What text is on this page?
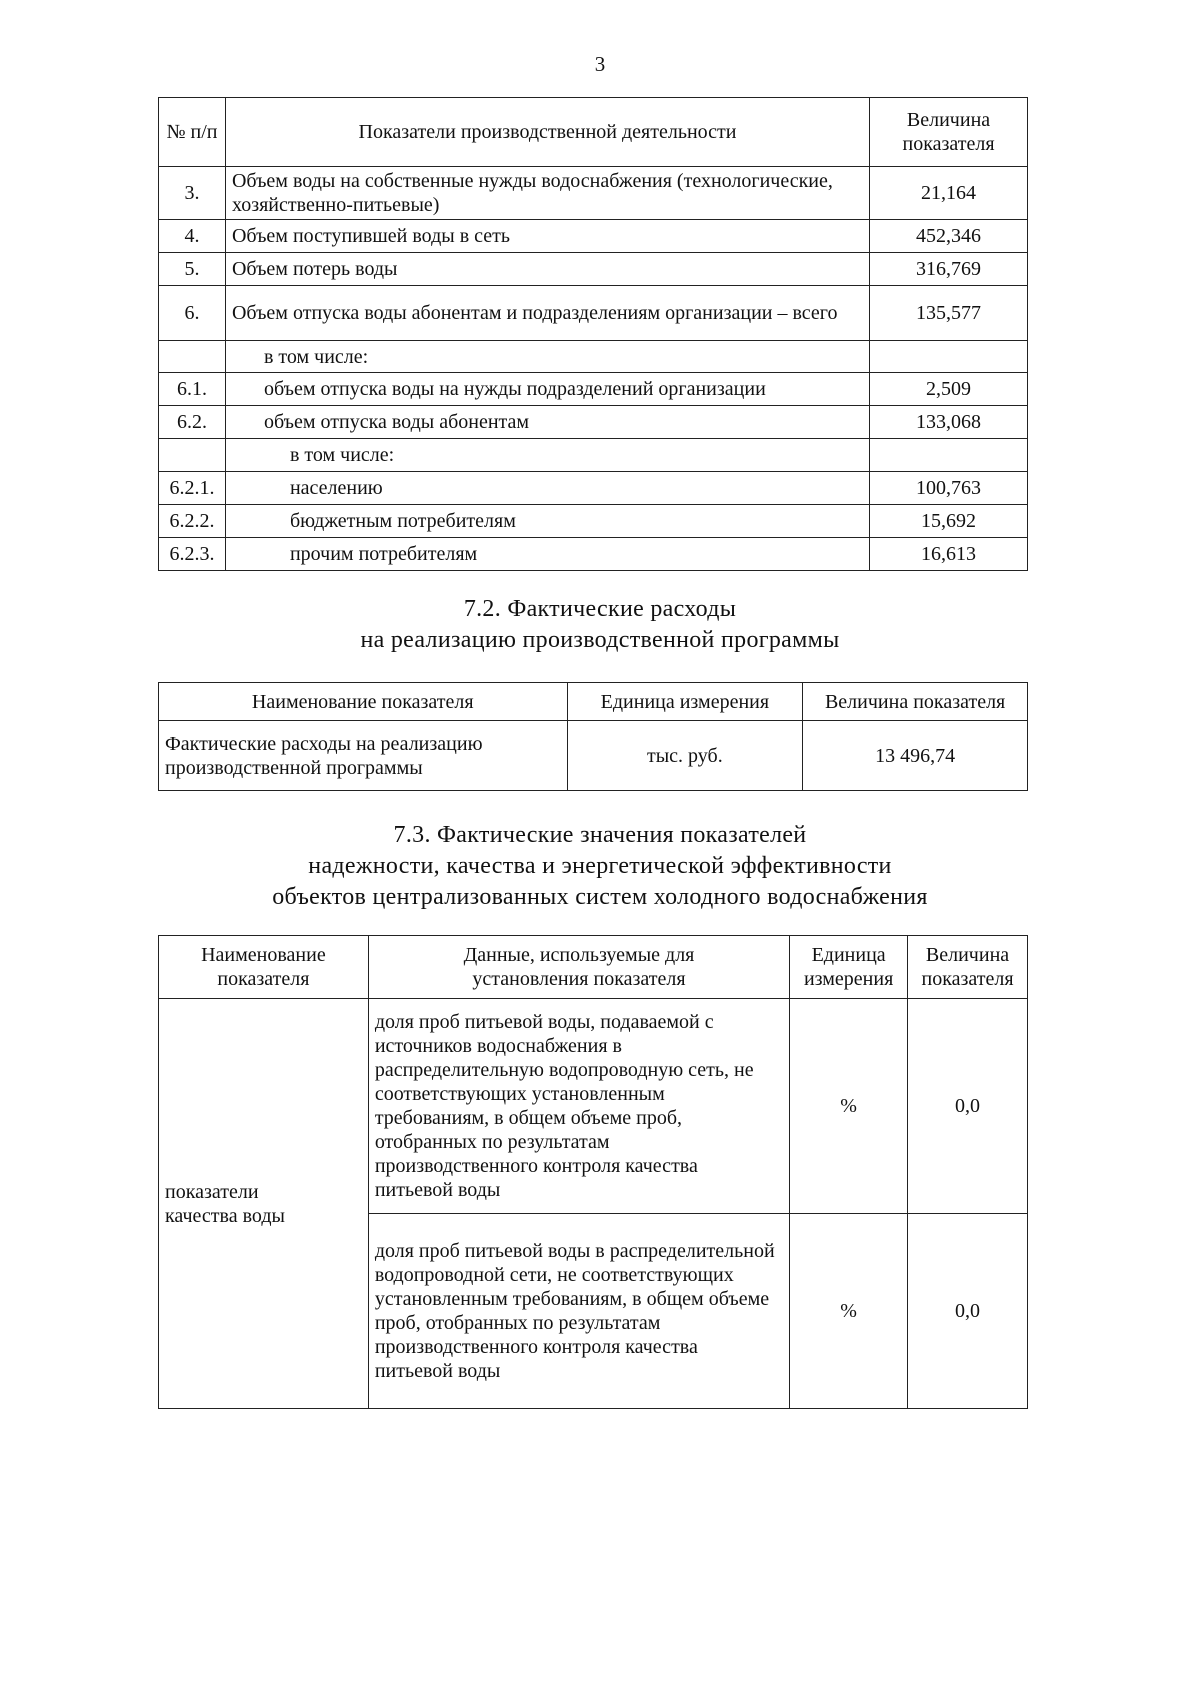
3
№ п/п	Показатели производственной деятельности	Величина показателя
3.	Объем воды на собственные нужды водоснабжения (технологические, хозяйственно-питьевые)	21,164
4.	Объем поступившей воды в сеть	452,346
5.	Объем потерь воды	316,769
6.	Объем отпуска воды абонентам и подразделениям организации – всего	135,577
	в том числе:	
6.1.	объем отпуска воды на нужды подразделений организации	2,509
6.2.	объем отпуска воды абонентам	133,068
	в том числе:	
6.2.1.	населению	100,763
6.2.2.	бюджетным потребителям	15,692
6.2.3.	прочим потребителям	16,613
7.2. Фактические расходы
на реализацию производственной программы
Наименование показателя	Единица измерения	Величина показателя
Фактические расходы на реализацию производственной программы	тыс. руб.	13 496,74
7.3. Фактические значения показателей
надежности, качества и энергетической эффективности
объектов централизованных систем холодного водоснабжения
Наименование показателя	Данные, используемые для установления показателя	Единица измерения	Величина показателя
показатели качества воды	доля проб питьевой воды, подаваемой с источников водоснабжения в распределительную водопроводную сеть, не соответствующих установленным требованиям, в общем объеме проб, отобранных по результатам производственного контроля качества питьевой воды	%	0,0
	доля проб питьевой воды в распределительной водопроводной сети, не соответствующих установленным требованиям, в общем объеме проб, отобранных по результатам производственного контроля качества питьевой воды	%	0,0
